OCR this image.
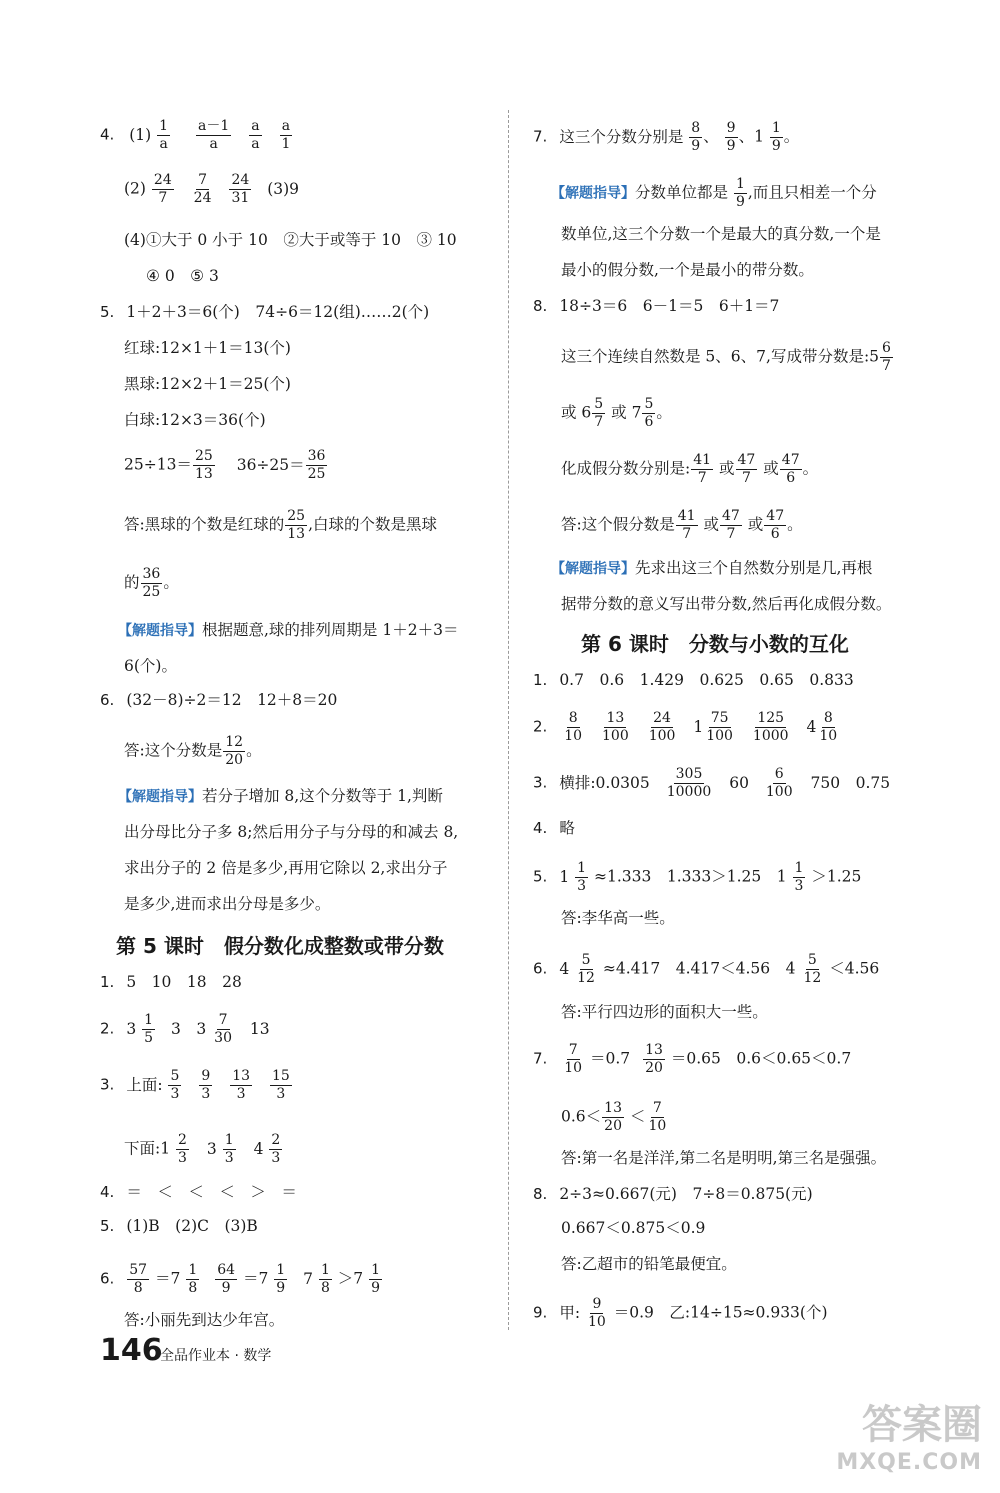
4. $(1) \frac{1}{a}$
$\frac{a-1}{a}$
$\frac{a}{a}$
$\frac{a}{1}$
$(2) \frac{24}{7}$
$\frac{7}{24}$
$\frac{24}{31} (3)9$
(4)①大于 0 小于 10　②大于或等于 10　③ 10
④ 0　⑤ 3
5. 1＋2＋3＝6(个)　74÷6＝12(组)……2(个)
红球:12×1＋1＝13(个)
黑球:12×2＋1＝25(个)
白球:12×3＝36(个)
$25\div 13= \frac{25}{13} 36\div 25= \frac{36}{25}$
答:黑球的个数是红球的 $\frac{25}{13}$ ,白球的个数是黑球
的 $\frac{36}{25}$ 。
【解题指导】根据题意,球的排列周期是 1＋2＋3＝
6(个)。
6. (32－8)÷2＝12　12＋8＝20
答:这个分数是 $\frac{12}{20}$ 。
【解题指导】若分子增加 8,这个分数等于 1,判断
出分母比分子多 8;然后用分子与分母的和减去 8,
求出分子的 2 倍是多少,再用它除以 2,求出分子
是多少,进而求出分母是多少。
第 5 课时　假分数化成整数或带分数
1. 5　10　18　28
2. $3 \frac{1}{5} 3$　$3 \frac{7}{30} 13$
3. 上面: $\frac{5}{3}$
$\frac{9}{3}$
$\frac{13}{3}$
$\frac{15}{3}$
下面:1 $\frac{2}{3} 3 \frac{1}{3} 4 \frac{2}{3}$
4. ＝　＜　＜　＜　＞　＝
5. (1)B　(2)C　(3)B
6. $\frac{57}{8} =7 \frac{1}{8}$
$\frac{64}{9} =7 \frac{1}{9} 7 \frac{1}{8} >7 \frac{1}{9}$
答:小丽先到达少年宫。
7. 这三个分数分别是 $\frac{8}{9}$ 、 $\frac{9}{9}$ 、$1 \frac{1}{9}$ 。
【解题指导】分数单位都是 $\frac{1}{9}$ ,而且只相差一个分
数单位,这三个分数一个是最大的真分数,一个是
最小的假分数,一个是最小的带分数。
8. 18÷3＝6　6－1＝5　6＋1＝7
这三个连续自然数是 5、6、7,写成带分数是:5 $\frac{6}{7}$
或 $6 \frac{5}{7}$ 或 $7 \frac{5}{6}$ 。
化成假分数分别是: $\frac{41}{7}$ 或 $\frac{47}{7}$ 或 $\frac{47}{6}$ 。
答:这个假分数是 $\frac{41}{7}$ 或 $\frac{47}{7}$ 或 $\frac{47}{6}$ 。
【解题指导】先求出这三个自然数分别是几,再根
据带分数的意义写出带分数,然后再化成假分数。
第 6 课时　分数与小数的互化
1. 0.7　0.6　1.429　0.625　0.65　0.833
2. $\frac{8}{10}$
$\frac{13}{100}$
$\frac{24}{100} 1 \frac{75}{100}$
$\frac{125}{1000} 4 \frac{8}{10}$
3. 横排:0.0305 $\frac{305}{10000} 60 \frac{6}{100} 750$　0.75
4. 略
5. $1 \frac{1}{3} \approx 1.333$　1.333＞1.25　$1 \frac{1}{3} >1.25$
答:李华高一些。
6. $4 \frac{5}{12} \approx 4.417$　4.417＜4.56　$4 \frac{5}{12} <4.56$
答:平行四边形的面积大一些。
7. $\frac{7}{10} =0.7 \frac{13}{20} =0.65$　0.6＜0.65＜0.7
$0.6< \frac{13}{20} < \frac{7}{10}$
答:第一名是洋洋,第二名是明明,第三名是强强。
8. 2÷3≈0.667(元)　7÷8＝0.875(元)
0.667＜0.875＜0.9
答:乙超市的铅笔最便宜。
9. 甲: $\frac{9}{10} =0.9$　乙:14÷15≈0.933(个)
146
全品作业本 · 数学
答案圈
MXQE.COM
